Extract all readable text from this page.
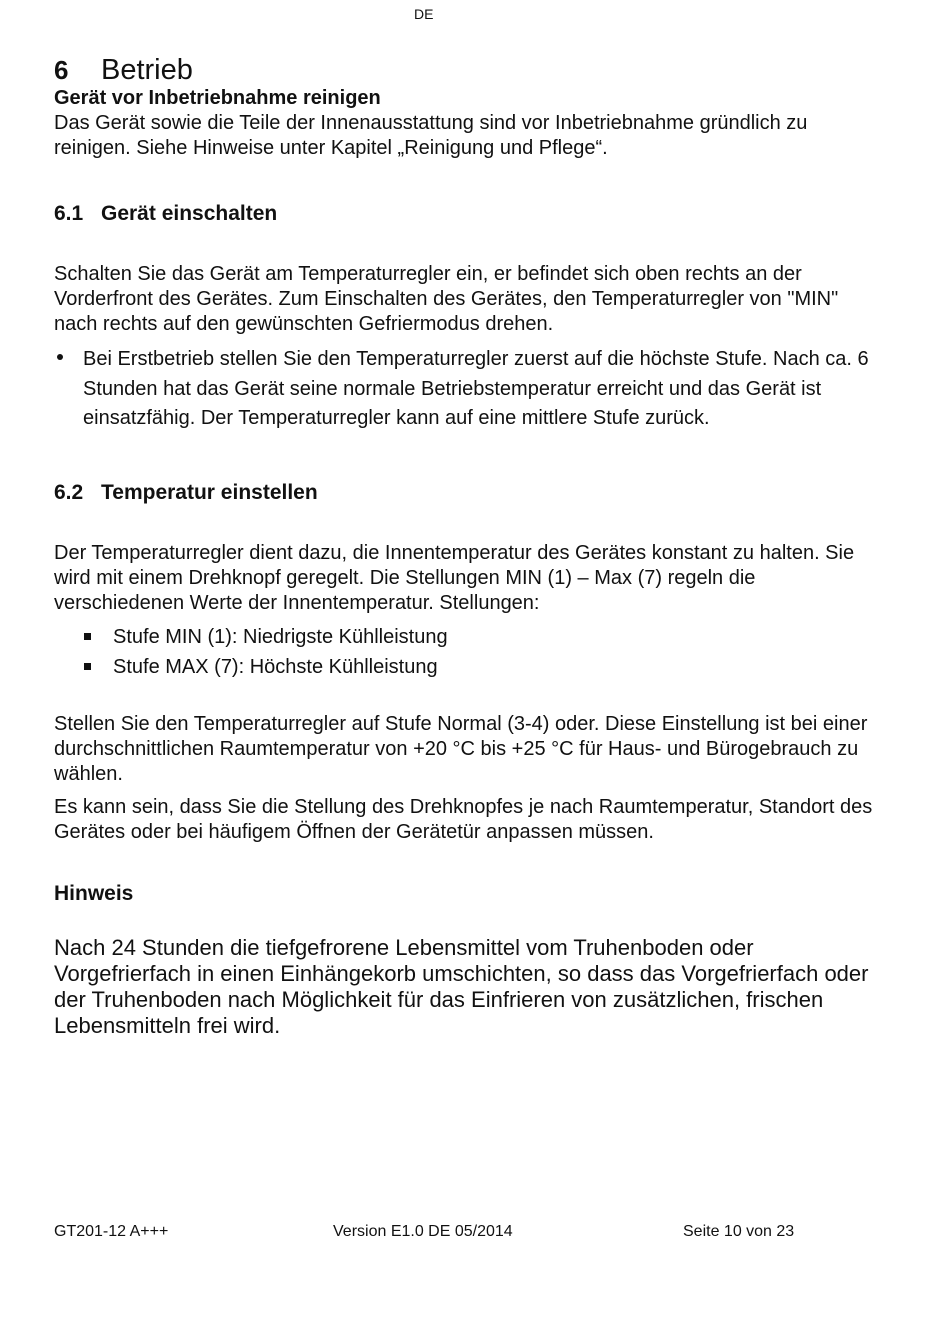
DE
6 Betrieb
Gerät vor Inbetriebnahme reinigen

Das Gerät sowie die Teile der Innenausstattung sind vor Inbetriebnahme gründlich zu reinigen. Siehe Hinweise unter Kapitel „Reinigung und Pflege“.

6.1 Gerät einschalten

Schalten Sie das Gerät am Temperaturregler ein, er befindet sich oben rechts an der Vorderfront des Gerätes. Zum Einschalten des Gerätes, den Temperaturregler von "MIN" nach rechts auf den gewünschten Gefriermodus drehen.

Bei Erstbetrieb stellen Sie den Temperaturregler zuerst auf die höchste Stufe. Nach ca. 6 Stunden hat das Gerät seine normale Betriebstemperatur erreicht und das Gerät ist einsatzfähig. Der Temperaturregler kann auf eine mittlere Stufe zurück.
6.2 Temperatur einstellen

Der Temperaturregler dient dazu, die Innentemperatur des Gerätes konstant zu halten. Sie wird mit einem Drehknopf geregelt. Die Stellungen MIN (1) – Max (7) regeln die verschiedenen Werte der Innentemperatur. Stellungen:

Stufe MIN (1): Niedrigste Kühlleistung
Stufe MAX (7): Höchste Kühlleistung

Stellen Sie den Temperaturregler auf Stufe Normal (3-4) oder. Diese Einstellung ist bei einer durchschnittlichen Raumtemperatur von +20 °C bis +25 °C für Haus- und Bürogebrauch zu wählen.

Es kann sein, dass Sie die Stellung des Drehknopfes je nach Raumtemperatur, Standort des Gerätes oder bei häufigem Öffnen der Gerätetür anpassen müssen.

Hinweis

Nach 24 Stunden die tiefgefrorene Lebensmittel vom Truhenboden oder Vorgefrierfach in einen Einhängekorb umschichten, so dass das Vorgefrierfach oder der Truhenboden nach Möglichkeit für das Einfrieren von zusätzlichen, frischen Lebensmitteln frei wird.

GT201-12 A+++	Version E1.0 DE 05/2014	Seite 10 von 23
